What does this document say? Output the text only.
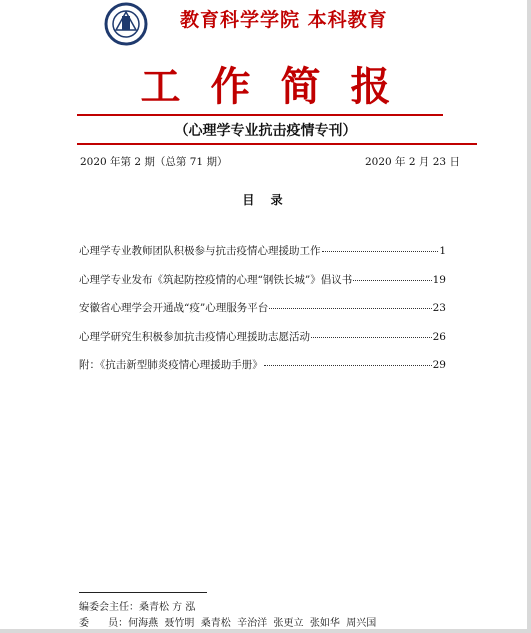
教育科学学院 本科教育
工作简报
（心理学专业抗击疫情专刊）
2020 年第 2 期（总第 71 期）	2020 年 2 月 23 日
目 录
心理学专业教师团队积极参与抗击疫情心理援助工作	1
心理学专业发布《筑起防控疫情的心理“钢铁长城”》倡议书	19
安徽省心理学会开通战“疫”心理服务平台	23
心理学研究生积极参加抗击疫情心理援助志愿活动	26
附：《抗击新型肺炎疫情心理援助手册》	29
编委会主任：桑青松 方 泓
委      员：何海燕  聂竹明  桑青松  辛治洋  张更立  张如华  周兴国
